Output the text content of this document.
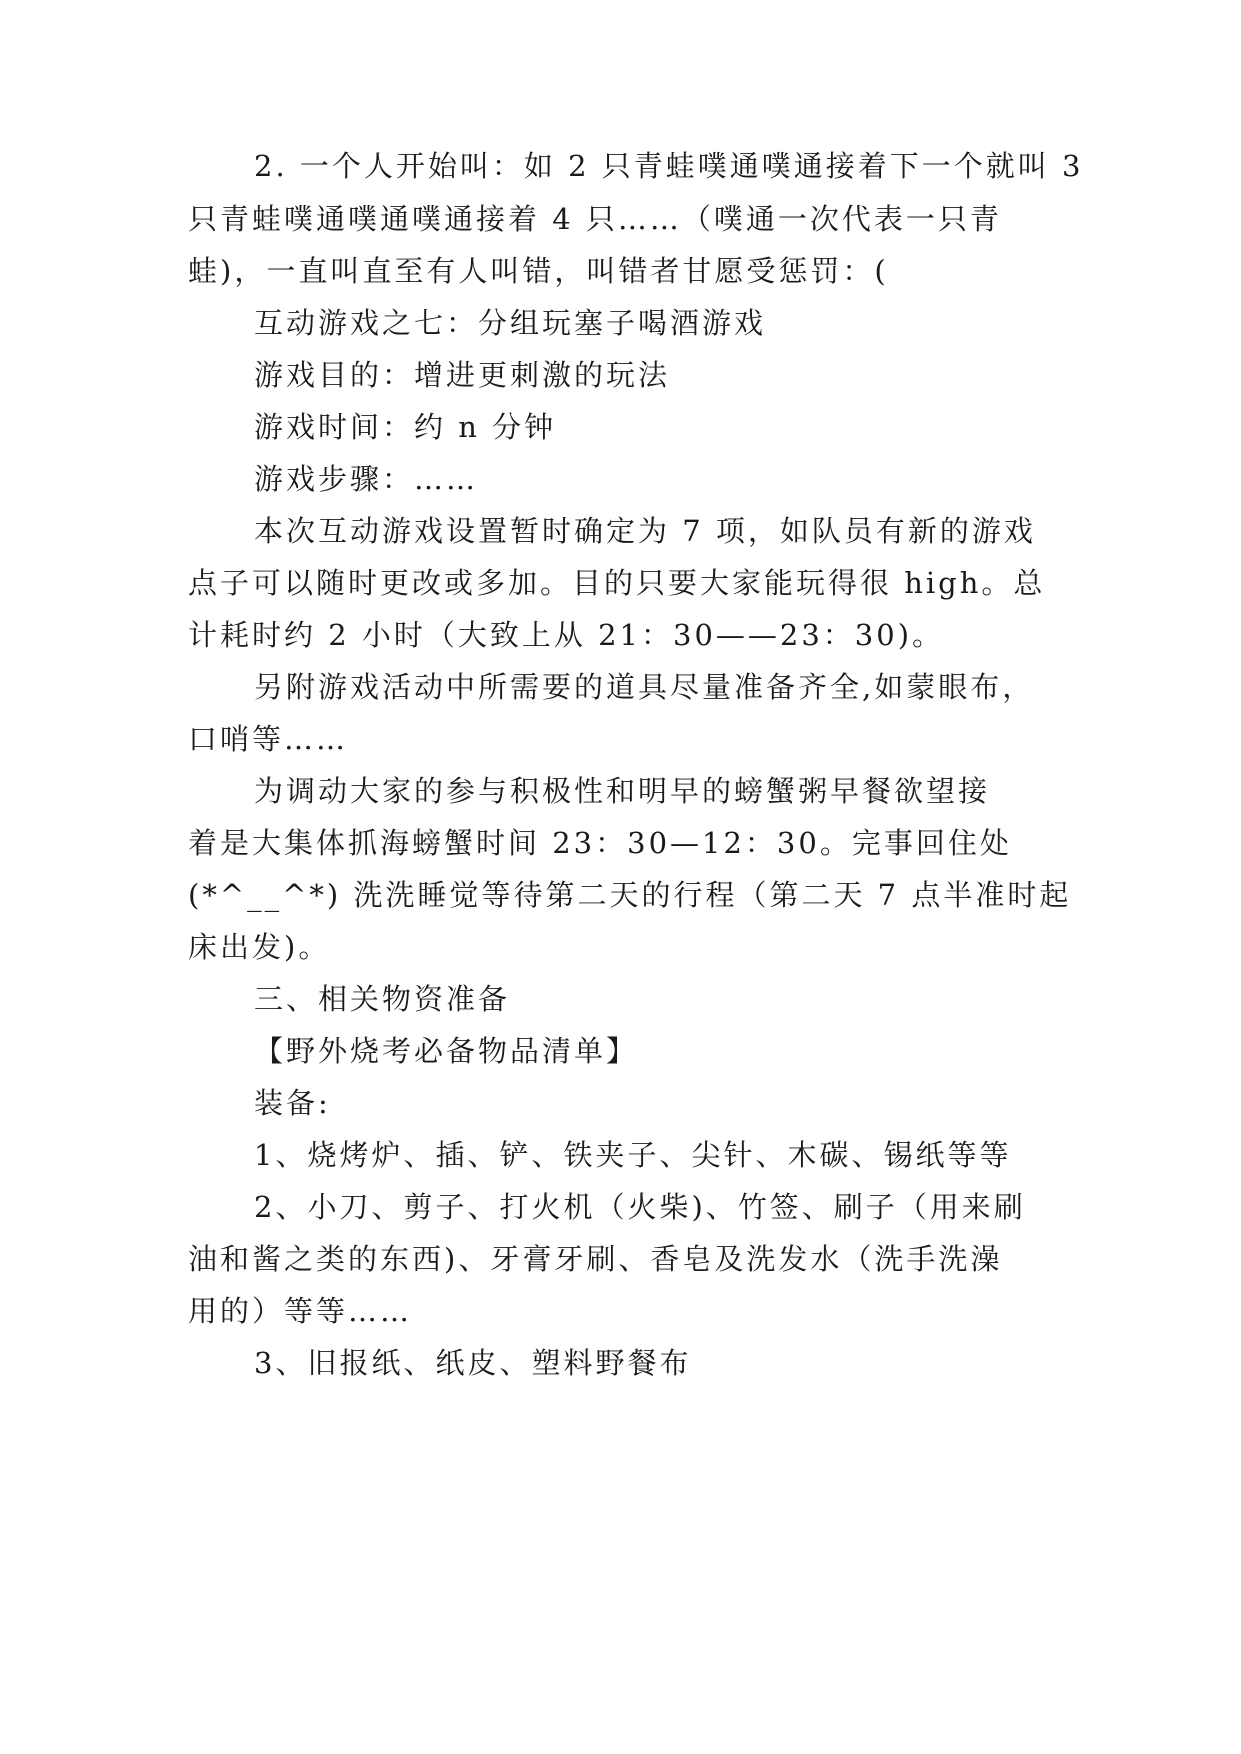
2. 一个人开始叫：如 2 只青蛙噗通噗通接着下一个就叫 3
只青蛙噗通噗通噗通接着 4 只……（噗通一次代表一只青
蛙)，一直叫直至有人叫错，叫错者甘愿受惩罚：(
互动游戏之七：分组玩塞子喝酒游戏
游戏目的：增进更刺激的玩法
游戏时间：约 n 分钟
游戏步骤：……
本次互动游戏设置暂时确定为 7 项，如队员有新的游戏
点子可以随时更改或多加。目的只要大家能玩得很 high。总
计耗时约 2 小时（大致上从 21：30——23：30)。
另附游戏活动中所需要的道具尽量准备齐全,如蒙眼布，
口哨等……
为调动大家的参与积极性和明早的螃蟹粥早餐欲望接
着是大集体抓海螃蟹时间 23：30—12：30。完事回住处
(*^__^*) 洗洗睡觉等待第二天的行程（第二天 7 点半准时起
床出发)。
三、相关物资准备
【野外烧考必备物品清单】
装备:
1、烧烤炉、插、铲、铁夹子、尖针、木碳、锡纸等等
2、小刀、剪子、打火机（火柴)、竹签、刷子（用来刷
油和酱之类的东西)、牙膏牙刷、香皂及洗发水（洗手洗澡
用的）等等……
3、旧报纸、纸皮、塑料野餐布
